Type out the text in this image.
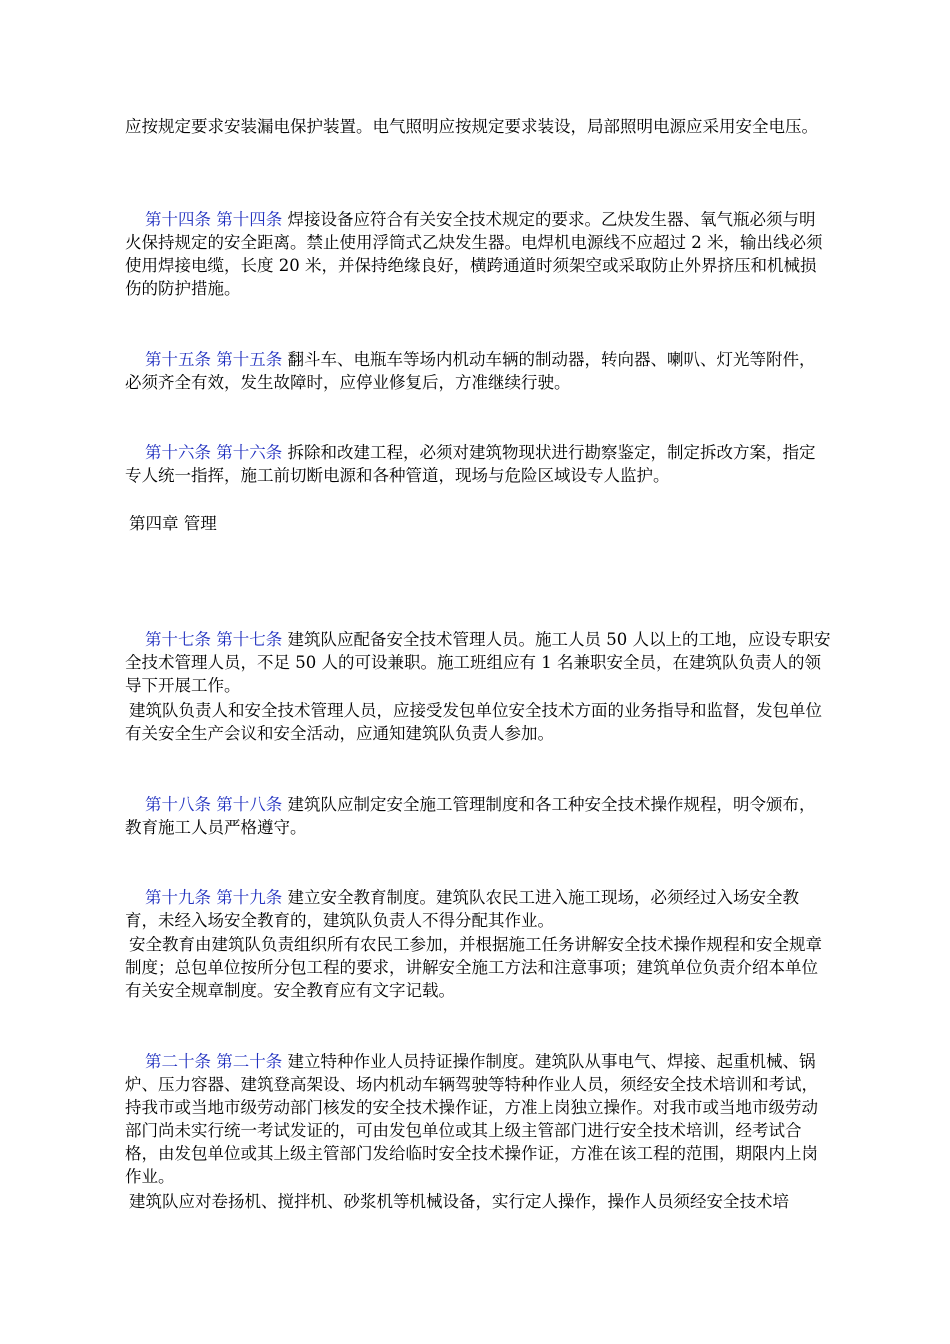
应按规定要求安装漏电保护装置。电气照明应按规定要求装设，局部照明电源应采用安全电压。

第十四条 第十四条 焊接设备应符合有关安全技术规定的要求。乙炔发生器、氧气瓶必须与明火保持规定的安全距离。禁止使用浮筒式乙炔发生器。电焊机电源线不应超过 2 米，输出线必须使用焊接电缆，长度 20 米，并保持绝缘良好，横跨通道时须架空或采取防止外界挤压和机械损伤的防护措施。

第十五条 第十五条 翻斗车、电瓶车等场内机动车辆的制动器，转向器、喇叭、灯光等附件，必须齐全有效，发生故障时，应停业修复后，方准继续行驶。

第十六条 第十六条 拆除和改建工程，必须对建筑物现状进行勘察鉴定，制定拆改方案，指定专人统一指挥，施工前切断电源和各种管道，现场与危险区域设专人监护。

第四章 管理

第十七条 第十七条 建筑队应配备安全技术管理人员。施工人员 50 人以上的工地，应设专职安全技术管理人员，不足 50 人的可设兼职。施工班组应有 1 名兼职安全员，在建筑队负责人的领导下开展工作。

建筑队负责人和安全技术管理人员，应接受发包单位安全技术方面的业务指导和监督，发包单位有关安全生产会议和安全活动，应通知建筑队负责人参加。

第十八条 第十八条 建筑队应制定安全施工管理制度和各工种安全技术操作规程，明令颁布，教育施工人员严格遵守。

第十九条 第十九条 建立安全教育制度。建筑队农民工进入施工现场，必须经过入场安全教育，未经入场安全教育的，建筑队负责人不得分配其作业。

安全教育由建筑队负责组织所有农民工参加，并根据施工任务讲解安全技术操作规程和安全规章制度；总包单位按所分包工程的要求，讲解安全施工方法和注意事项；建筑单位负责介绍本单位有关安全规章制度。安全教育应有文字记载。

第二十条 第二十条 建立特种作业人员持证操作制度。建筑队从事电气、焊接、起重机械、锅炉、压力容器、建筑登高架设、场内机动车辆驾驶等特种作业人员，须经安全技术培训和考试，持我市或当地市级劳动部门核发的安全技术操作证，方准上岗独立操作。对我市或当地市级劳动部门尚未实行统一考试发证的，可由发包单位或其上级主管部门进行安全技术培训，经考试合格，由发包单位或其上级主管部门发给临时安全技术操作证，方准在该工程的范围，期限内上岗作业。

建筑队应对卷扬机、搅拌机、砂浆机等机械设备，实行定人操作，操作人员须经安全技术培
